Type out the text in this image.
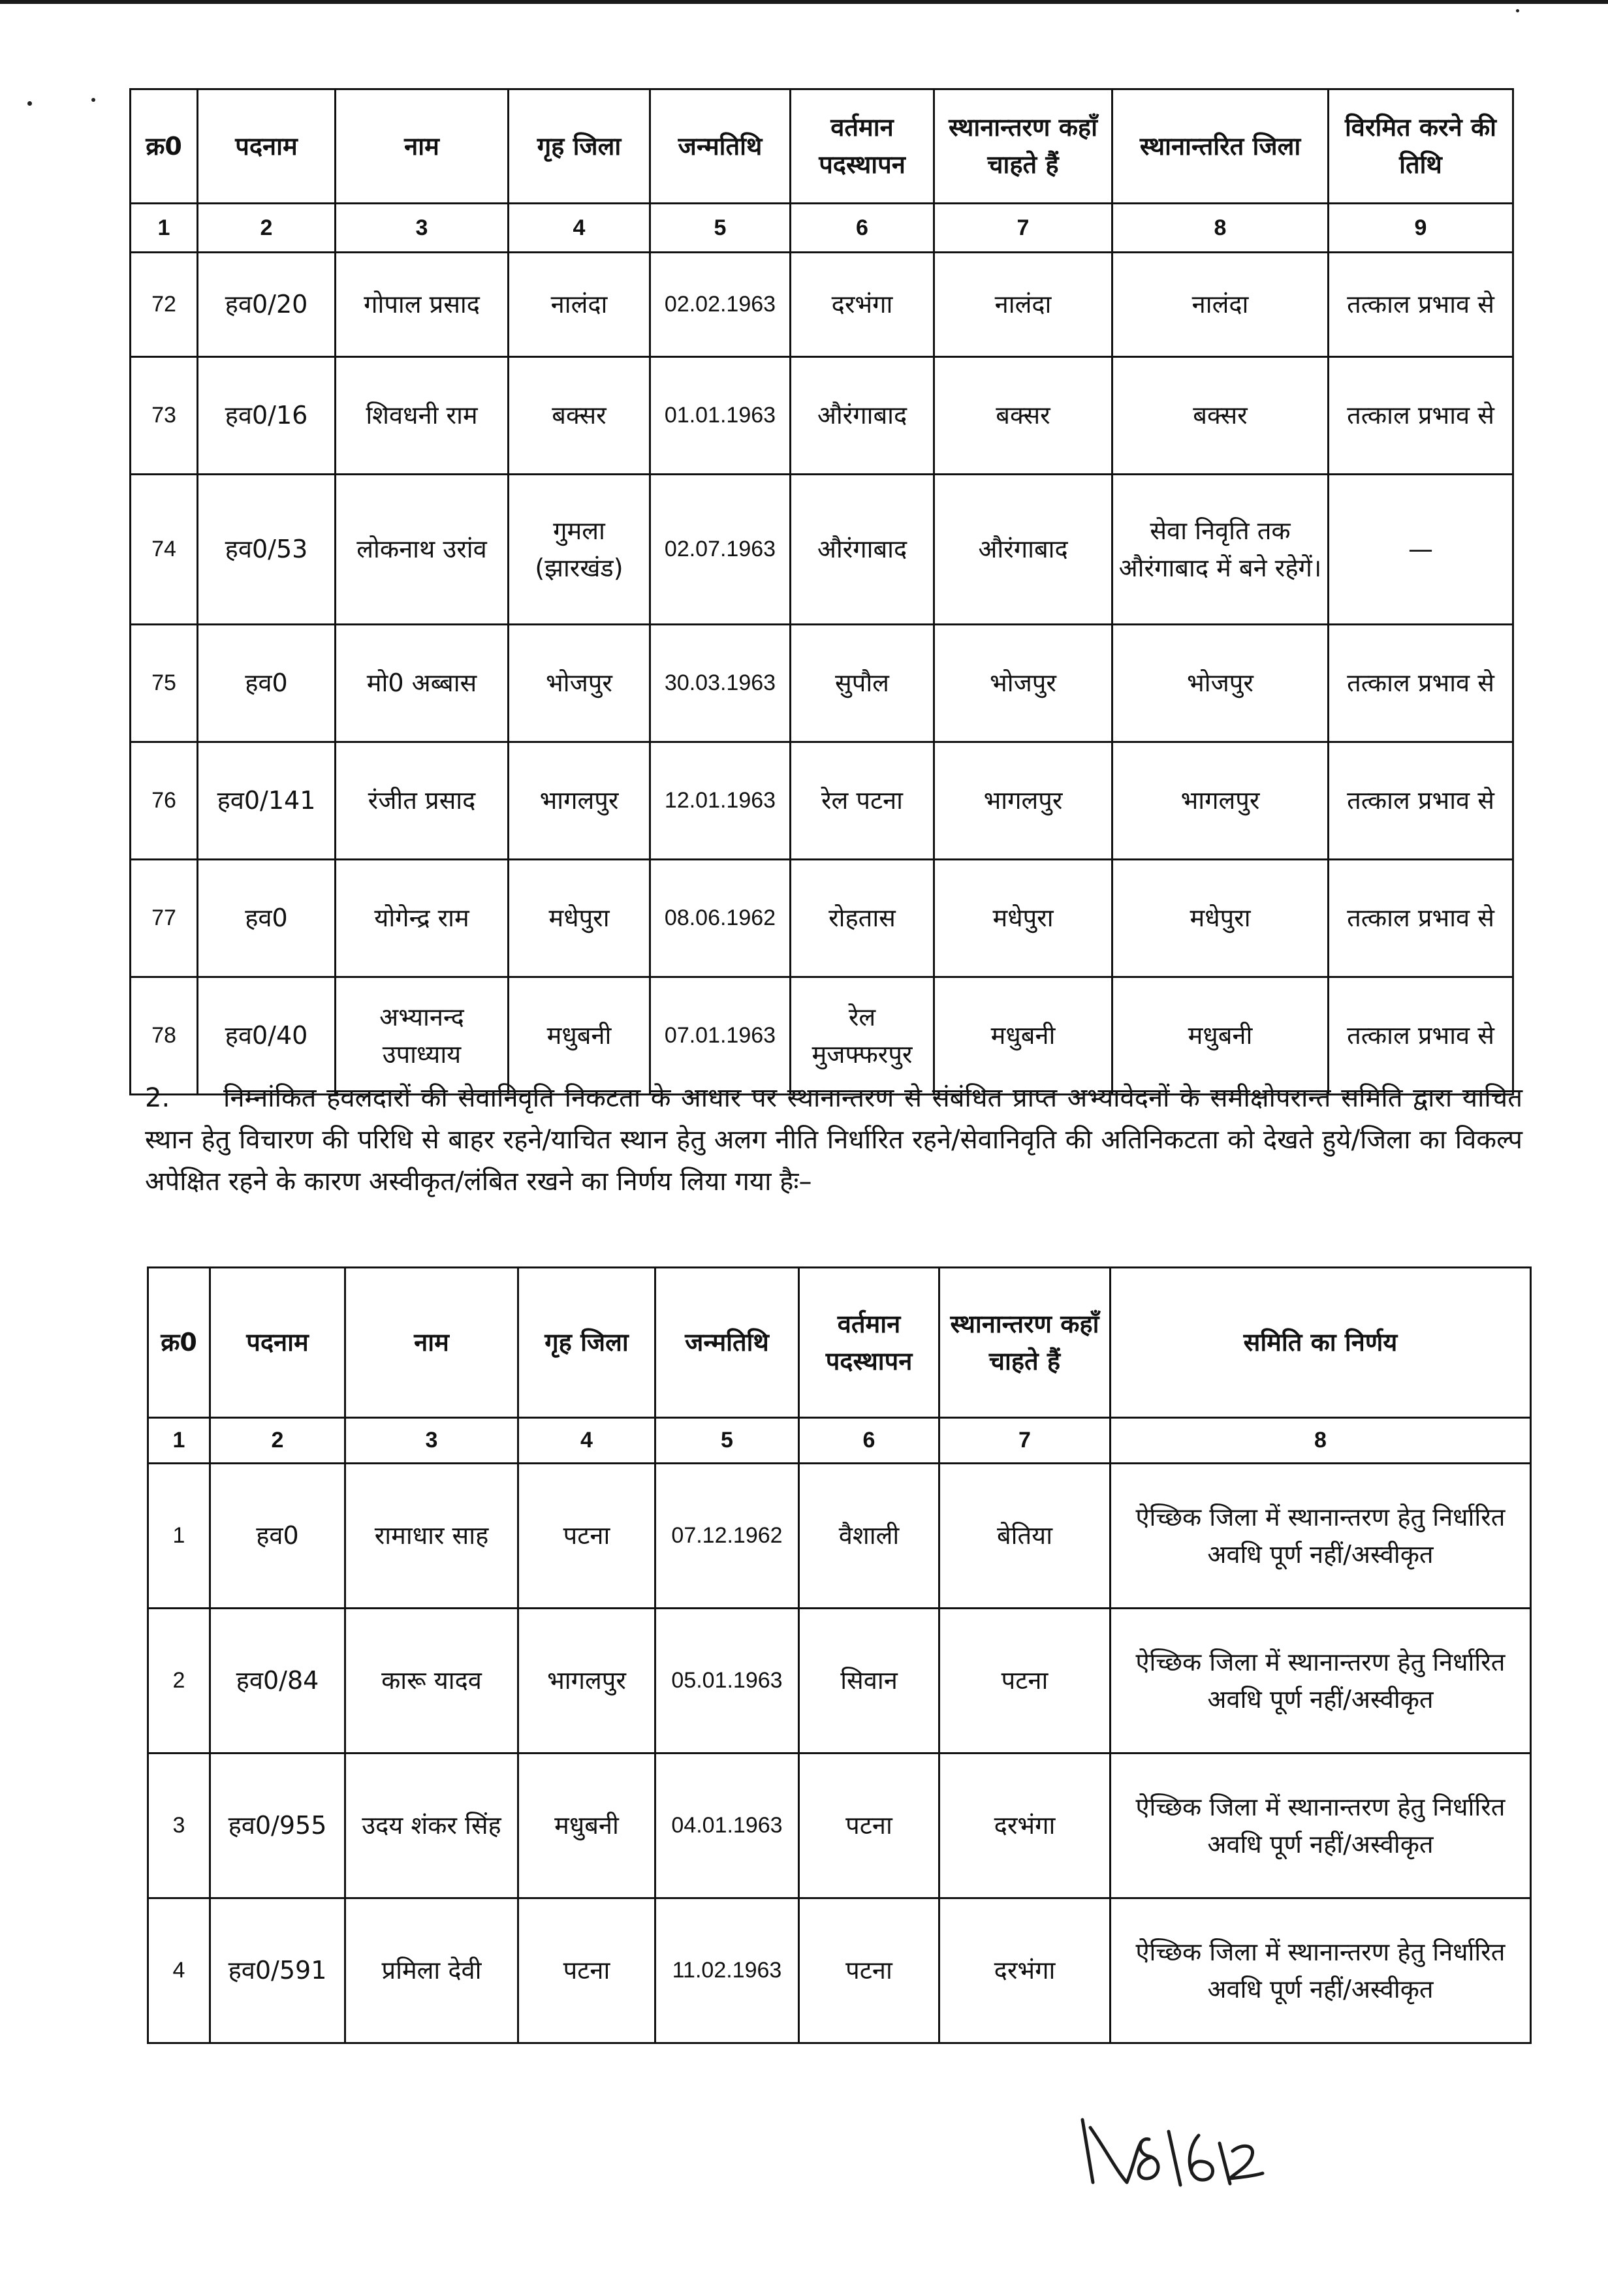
क्र0	पदनाम	नाम	गृह जिला	जन्मतिथि	वर्तमान पदस्थापन	स्थानान्तरण कहाँ चाहते हैं	स्थानान्तरित जिला	विरमित करने की तिथि
1	2	3	4	5	6	7	8	9
72	हव0/20	गोपाल प्रसाद	नालंदा	02.02.1963	दरभंगा	नालंदा	नालंदा	तत्काल प्रभाव से
73	हव0/16	शिवधनी राम	बक्सर	01.01.1963	औरंगाबाद	बक्सर	बक्सर	तत्काल प्रभाव से
74	हव0/53	लोकनाथ उरांव	गुमला (झारखंड)	02.07.1963	औरंगाबाद	औरंगाबाद	सेवा निवृति तक औरंगाबाद में बने रहेगें।	—
75	हव0	मो0 अब्बास	भोजपुर	30.03.1963	सुपौल	भोजपुर	भोजपुर	तत्काल प्रभाव से
76	हव0/141	रंजीत प्रसाद	भागलपुर	12.01.1963	रेल पटना	भागलपुर	भागलपुर	तत्काल प्रभाव से
77	हव0	योगेन्द्र राम	मधेपुरा	08.06.1962	रोहतास	मधेपुरा	मधेपुरा	तत्काल प्रभाव से
78	हव0/40	अभ्यानन्द उपाध्याय	मधुबनी	07.01.1963	रेल मुजफ्फरपुर	मधुबनी	मधुबनी	तत्काल प्रभाव से

2. निम्नांकित हवलदारों की सेवानिवृति निकटता के आधार पर स्थानान्तरण से संबंधित प्राप्त अभ्यावेदनों के समीक्षोपरान्त समिति द्वारा याचित स्थान हेतु विचारण की परिधि से बाहर रहने/याचित स्थान हेतु अलग नीति निर्धारित रहने/सेवानिवृति की अतिनिकटता को देखते हुये/जिला का विकल्प अपेक्षित रहने के कारण अस्वीकृत/लंबित रखने का निर्णय लिया गया हैः–

क्र0	पदनाम	नाम	गृह जिला	जन्मतिथि	वर्तमान पदस्थापन	स्थानान्तरण कहाँ चाहते हैं	समिति का निर्णय
1	2	3	4	5	6	7	8
1	हव0	रामाधार साह	पटना	07.12.1962	वैशाली	बेतिया	ऐच्छिक जिला में स्थानान्तरण हेतु निर्धारित अवधि पूर्ण नहीं/अस्वीकृत
2	हव0/84	कारू यादव	भागलपुर	05.01.1963	सिवान	पटना	ऐच्छिक जिला में स्थानान्तरण हेतु निर्धारित अवधि पूर्ण नहीं/अस्वीकृत
3	हव0/955	उदय शंकर सिंह	मधुबनी	04.01.1963	पटना	दरभंगा	ऐच्छिक जिला में स्थानान्तरण हेतु निर्धारित अवधि पूर्ण नहीं/अस्वीकृत
4	हव0/591	प्रमिला देवी	पटना	11.02.1963	पटना	दरभंगा	ऐच्छिक जिला में स्थानान्तरण हेतु निर्धारित अवधि पूर्ण नहीं/अस्वीकृत
